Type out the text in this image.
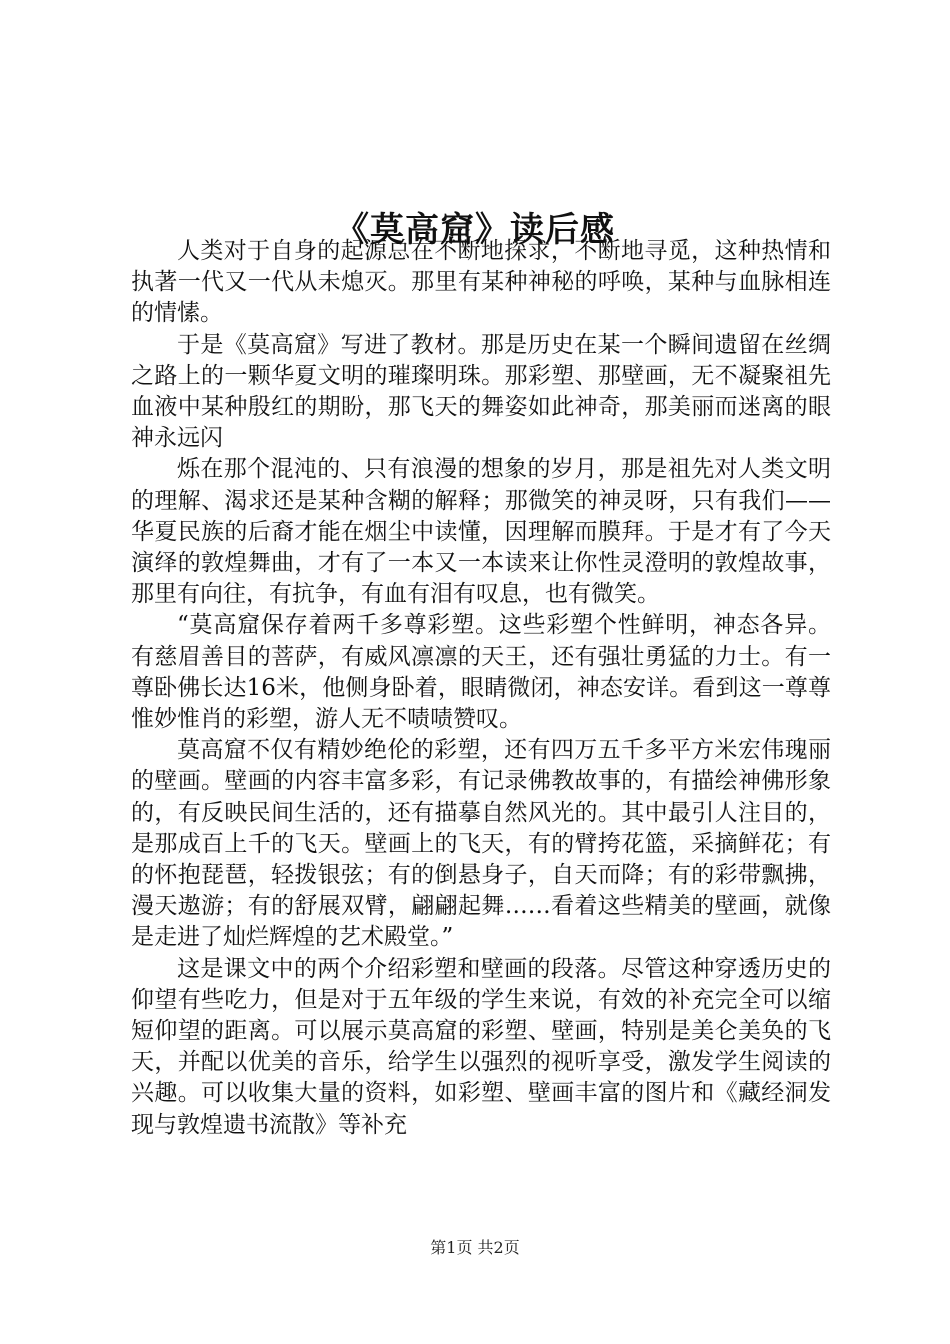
《莫高窟》读后感

人类对于自身的起源总在不断地探求，不断地寻觅，这种热情和执著一代又一代从未熄灭。那里有某种神秘的呼唤，某种与血脉相连的情愫。

于是《莫高窟》写进了教材。那是历史在某一个瞬间遗留在丝绸之路上的一颗华夏文明的璀璨明珠。那彩塑、那壁画，无不凝聚祖先血液中某种殷红的期盼，那飞天的舞姿如此神奇，那美丽而迷离的眼神永远闪

烁在那个混沌的、只有浪漫的想象的岁月，那是祖先对人类文明的理解、渴求还是某种含糊的解释；那微笑的神灵呀，只有我们——华夏民族的后裔才能在烟尘中读懂，因理解而膜拜。于是才有了今天演绎的敦煌舞曲，才有了一本又一本读来让你性灵澄明的敦煌故事，那里有向往，有抗争，有血有泪有叹息，也有微笑。

“莫高窟保存着两千多尊彩塑。这些彩塑个性鲜明，神态各异。有慈眉善目的菩萨，有威风凛凛的天王，还有强壮勇猛的力士。有一尊卧佛长达16米，他侧身卧着，眼睛微闭，神态安详。看到这一尊尊惟妙惟肖的彩塑，游人无不啧啧赞叹。

莫高窟不仅有精妙绝伦的彩塑，还有四万五千多平方米宏伟瑰丽的壁画。壁画的内容丰富多彩，有记录佛教故事的，有描绘神佛形象的，有反映民间生活的，还有描摹自然风光的。其中最引人注目的，是那成百上千的飞天。壁画上的飞天，有的臂挎花篮，采摘鲜花；有的怀抱琵琶，轻拨银弦；有的倒悬身子，自天而降；有的彩带飘拂，漫天遨游；有的舒展双臂，翩翩起舞……看着这些精美的壁画，就像是走进了灿烂辉煌的艺术殿堂。”

这是课文中的两个介绍彩塑和壁画的段落。尽管这种穿透历史的仰望有些吃力，但是对于五年级的学生来说，有效的补充完全可以缩短仰望的距离。可以展示莫高窟的彩塑、壁画，特别是美仑美奂的飞天，并配以优美的音乐，给学生以强烈的视听享受，激发学生阅读的兴趣。可以收集大量的资料，如彩塑、壁画丰富的图片和《藏经洞发现与敦煌遗书流散》等补充

第1页 共2页
